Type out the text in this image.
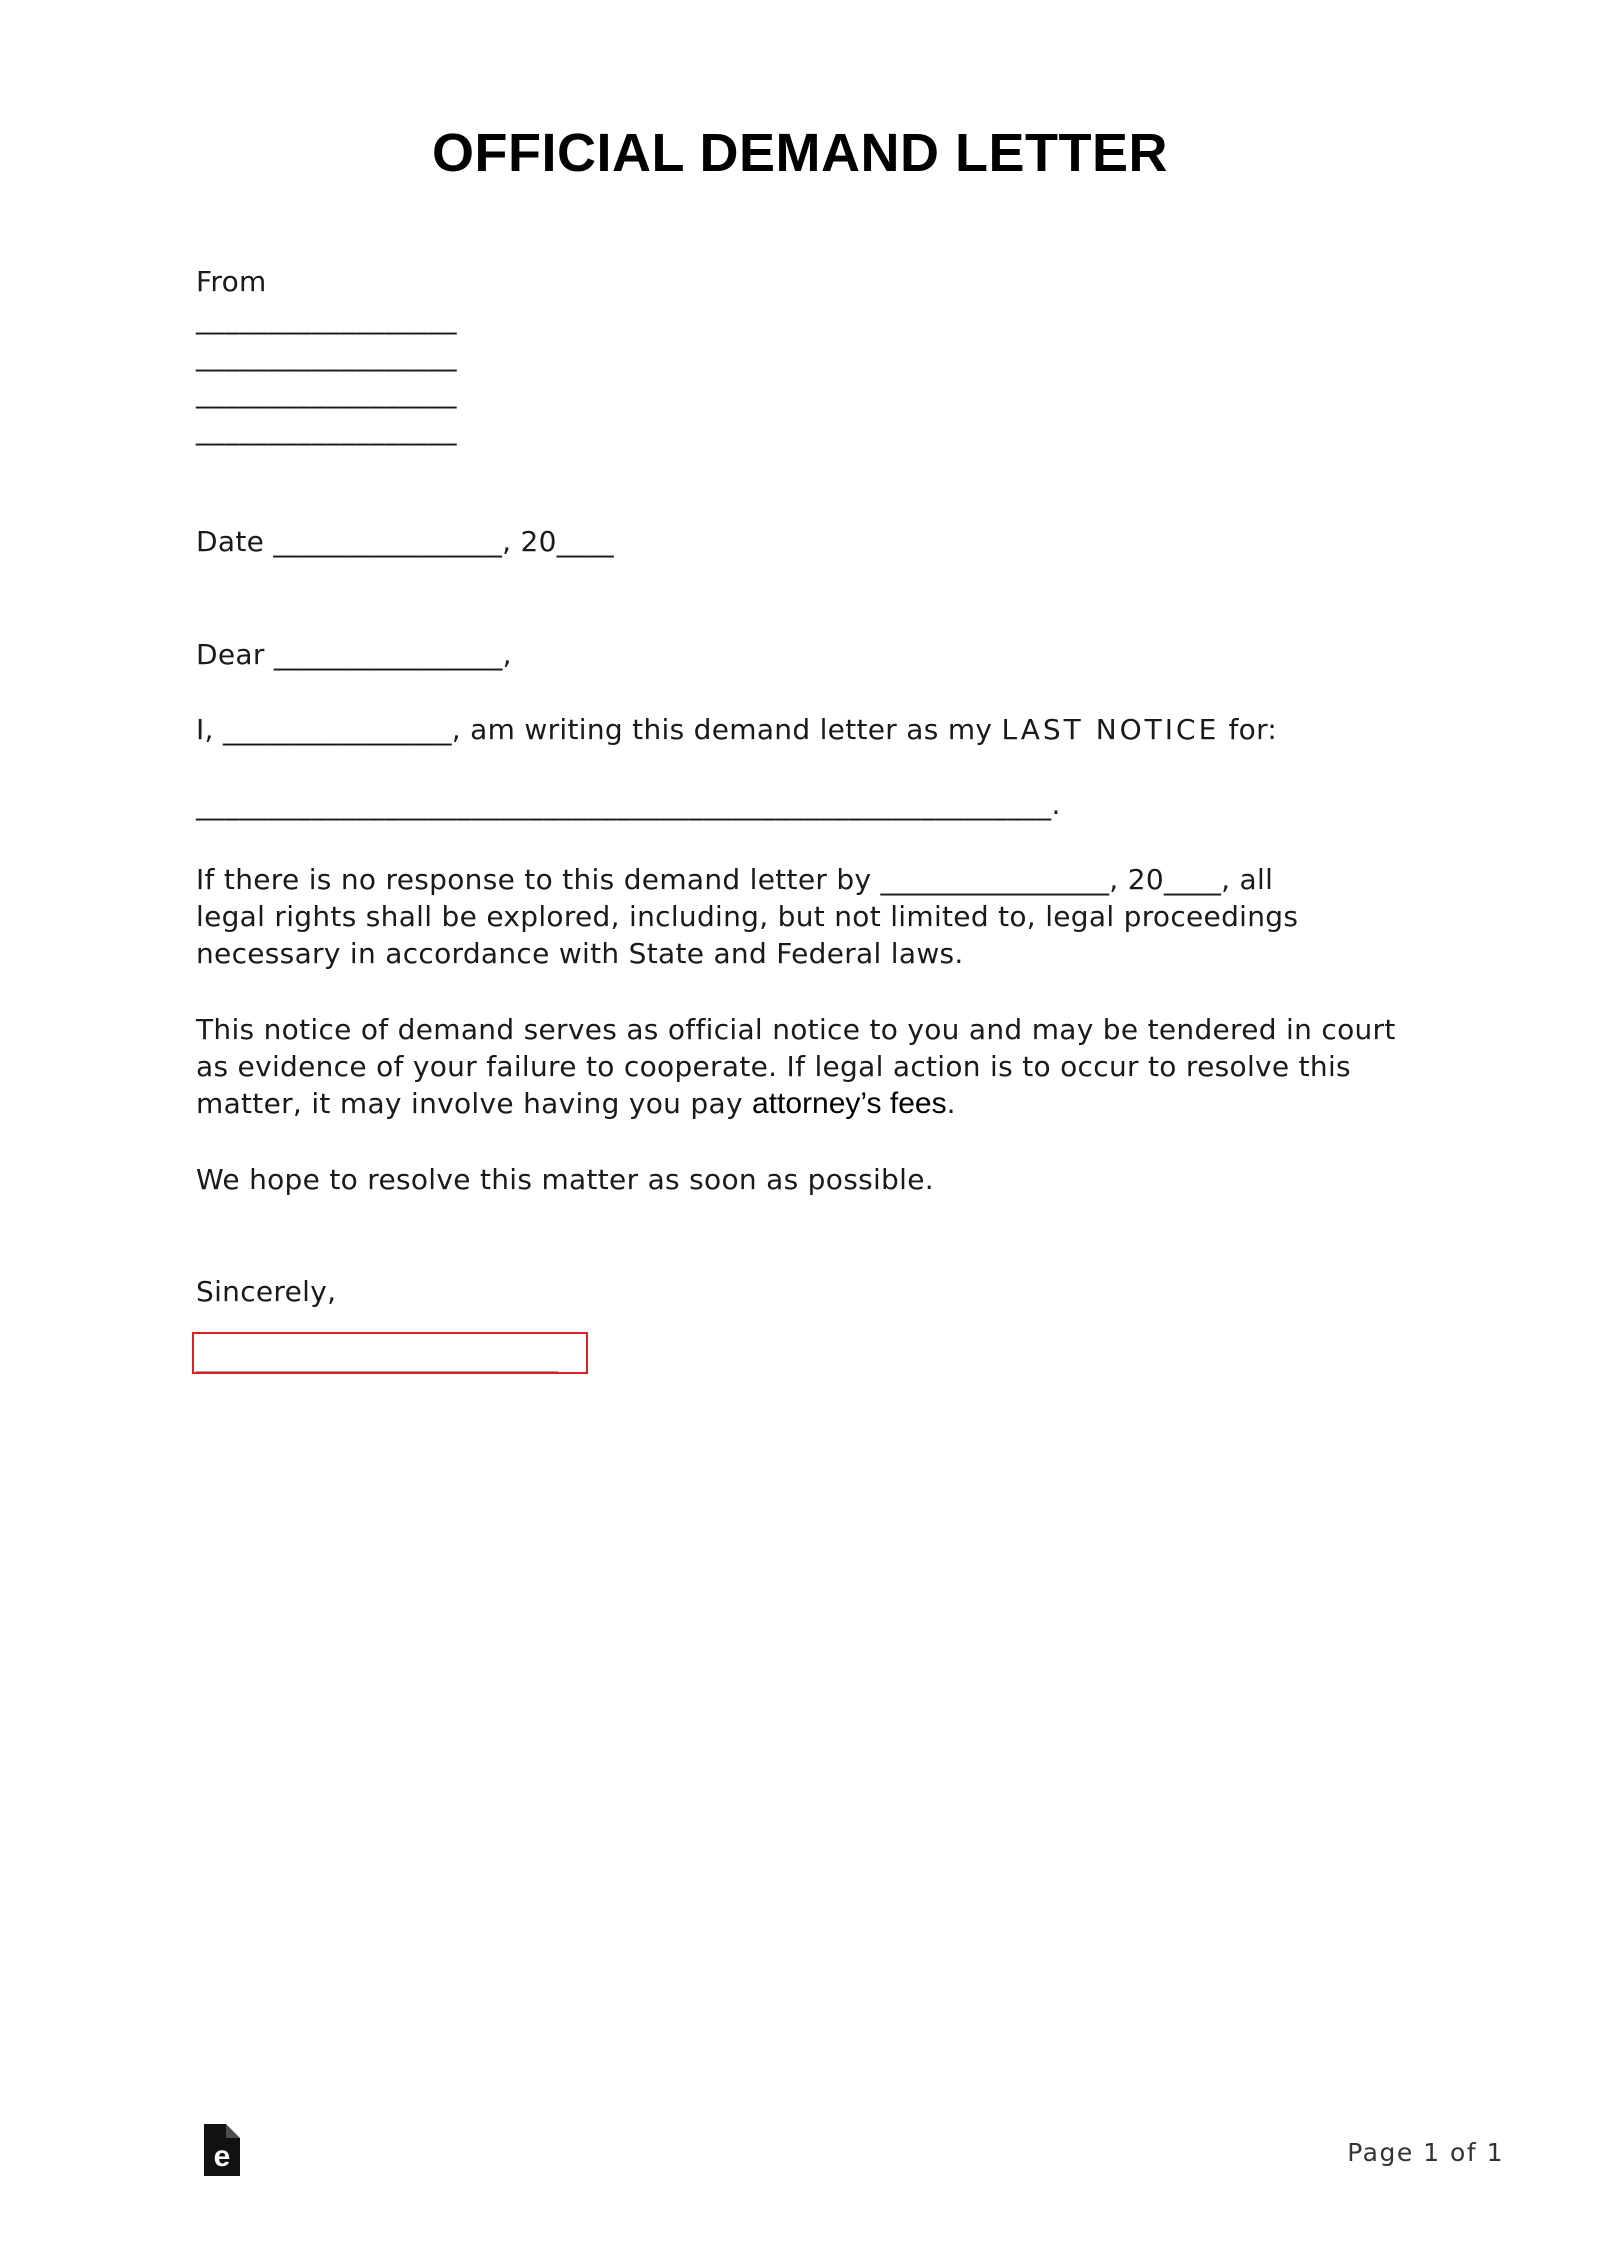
OFFICIAL DEMAND LETTER
From
__________________
__________________
__________________
__________________
Date ________________, 20____
Dear ________________,
I, ________________, am writing this demand letter as my LAST NOTICE for:
___________________________________________________________.
If there is no response to this demand letter by ________________, 20____, all
legal rights shall be explored, including, but not limited to, legal proceedings
necessary in accordance with State and Federal laws.
This notice of demand serves as official notice to you and may be tendered in court
as evidence of your failure to cooperate. If legal action is to occur to resolve this
matter, it may involve having you pay attorney’s fees.
We hope to resolve this matter as soon as possible.
Sincerely,
_________________________
e	Page 1 of 1
